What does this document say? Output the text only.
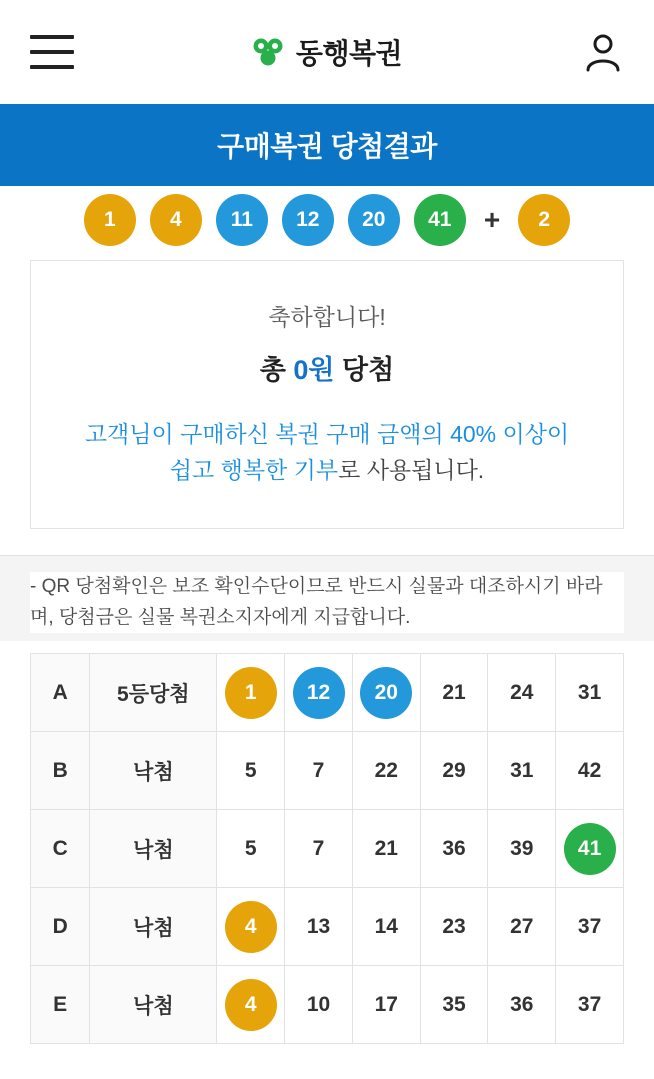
동행복권
구매복권 당첨결과
1	4	11	12	20	41	+	2
축하합니다!
총 0원 당첨
고객님이 구매하신 복권 구매 금액의 40% 이상이
쉽고 행복한 기부로 사용됩니다.
- QR 당첨확인은 보조 확인수단이므로 반드시 실물과 대조하시기 바라며, 당첨금은 실물 복권소지자에게 지급합니다.
A	5등당첨	1	12	20	21	24	31
B	낙첨	5	7	22	29	31	42
C	낙첨	5	7	21	36	39	41
D	낙첨	4	13	14	23	27	37
E	낙첨	4	10	17	35	36	37
